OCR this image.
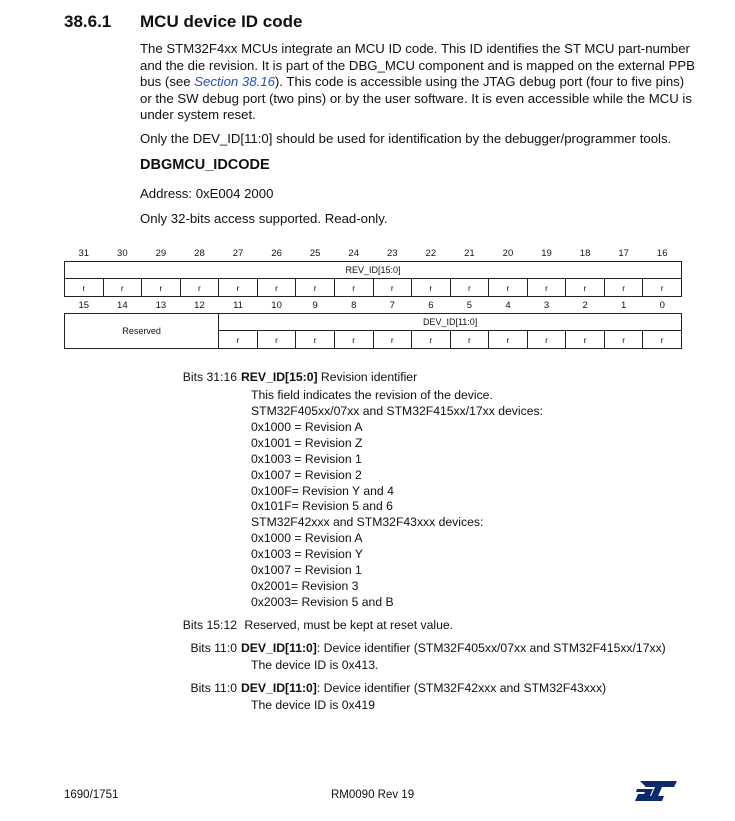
38.6.1 MCU device ID code
The STM32F4xx MCUs integrate an MCU ID code. This ID identifies the ST MCU part-number and the die revision. It is part of the DBG_MCU component and is mapped on the external PPB bus (see Section 38.16). This code is accessible using the JTAG debug port (four to five pins) or the SW debug port (two pins) or by the user software. It is even accessible while the MCU is under system reset.
Only the DEV_ID[11:0] should be used for identification by the debugger/programmer tools.
DBGMCU_IDCODE
Address: 0xE004 2000
Only 32-bits access supported. Read-only.
31	30	29	28	27	26	25	24	23	22	21	20	19	18	17	16
REV_ID[15:0]															
r	r	r	r	r	r	r	r	r	r	r	r	r	r	r	r
15	14	13	12	11	10	9	8	7	6	5	4	3	2	1	0
Reserved				DEV_ID[11:0]											
				r	r	r	r	r	r	r	r	r	r	r	r
Bits 31:16 REV_ID[15:0] Revision identifier
This field indicates the revision of the device.
STM32F405xx/07xx and STM32F415xx/17xx devices:
0x1000 = Revision A
0x1001 = Revision Z
0x1003 = Revision 1
0x1007 = Revision 2
0x100F= Revision Y and 4
0x101F= Revision 5 and 6
STM32F42xxx and STM32F43xxx devices:
0x1000 = Revision A
0x1003 = Revision Y
0x1007 = Revision 1
0x2001= Revision 3
0x2003= Revision 5 and B
Bits 15:12 Reserved, must be kept at reset value.
Bits 11:0 DEV_ID[11:0]: Device identifier (STM32F405xx/07xx and STM32F415xx/17xx)
The device ID is 0x413.
Bits 11:0 DEV_ID[11:0]: Device identifier (STM32F42xxx and STM32F43xxx)
The device ID is 0x419
1690/1751	RM0090 Rev 19
